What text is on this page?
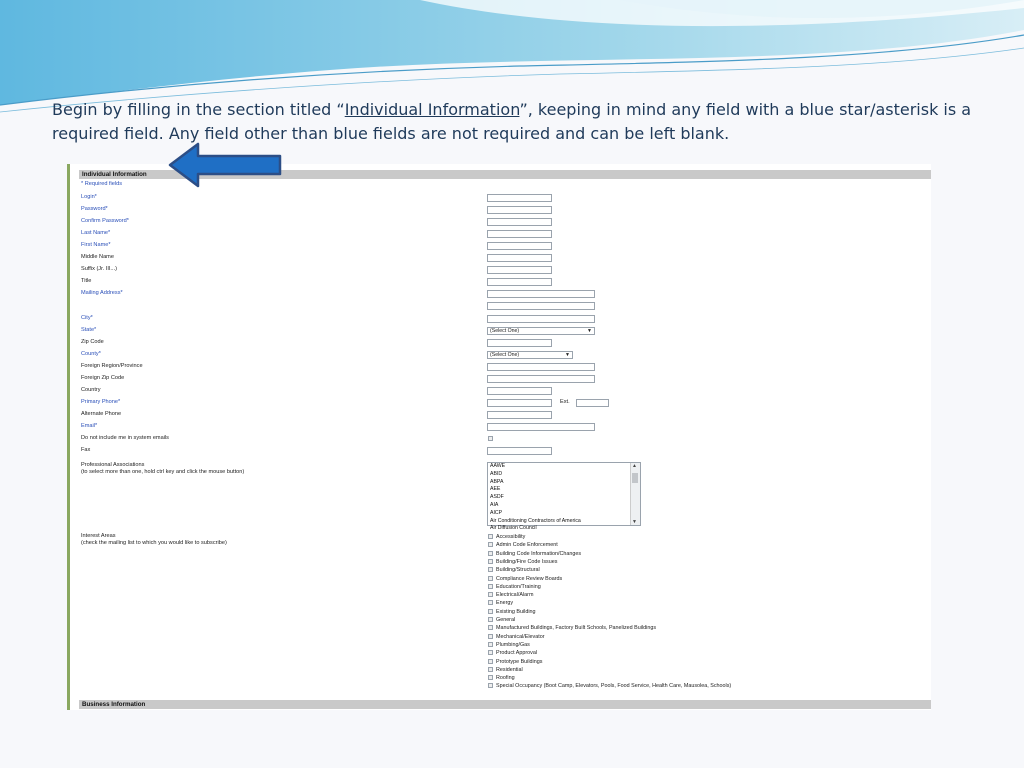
Begin by filling in the section titled “Individual Information”, keeping in mind any field with a blue star/asterisk is a required field. Any field other than blue fields are not required and can be left blank.
Individual Information
* Required fields
Login*
Password*
Confirm Password*
Last Name*
First Name*
Middle Name
Suffix (Jr. III...)
Title
Mailing Address*
City*
State*
Zip Code
County*
Foreign Region/Province
Foreign Zip Code
Country
Primary Phone*
Alternate Phone
Email*
Do not include me in system emails
Fax
(Select One)	▼
(Select One)	▼
Ext.
Professional Associations
(to select more than one, hold ctrl key and click the mouse button)
AAWE
ABID
ABPA
AEE
ASDF
AIA
AICP
Air Conditioning Contractors of America
Air Diffusion Council
▲
▼
Interest Areas
(check the mailing list to which you would like to subscribe)
Accessibility
Admin Code Enforcement
Building Code Information/Changes
Building/Fire Code Issues
Building/Structural
Compliance Review Boards
Education/Training
Electrical/Alarm
Energy
Existing Building
General
Manufactured Buildings, Factory Built Schools, Panelized Buildings
Mechanical/Elevator
Plumbing/Gas
Product Approval
Prototype Buildings
Residential
Roofing
Special Occupancy (Boot Camp, Elevators, Pools, Food Service, Health Care, Mausolea, Schools)
Business Information
